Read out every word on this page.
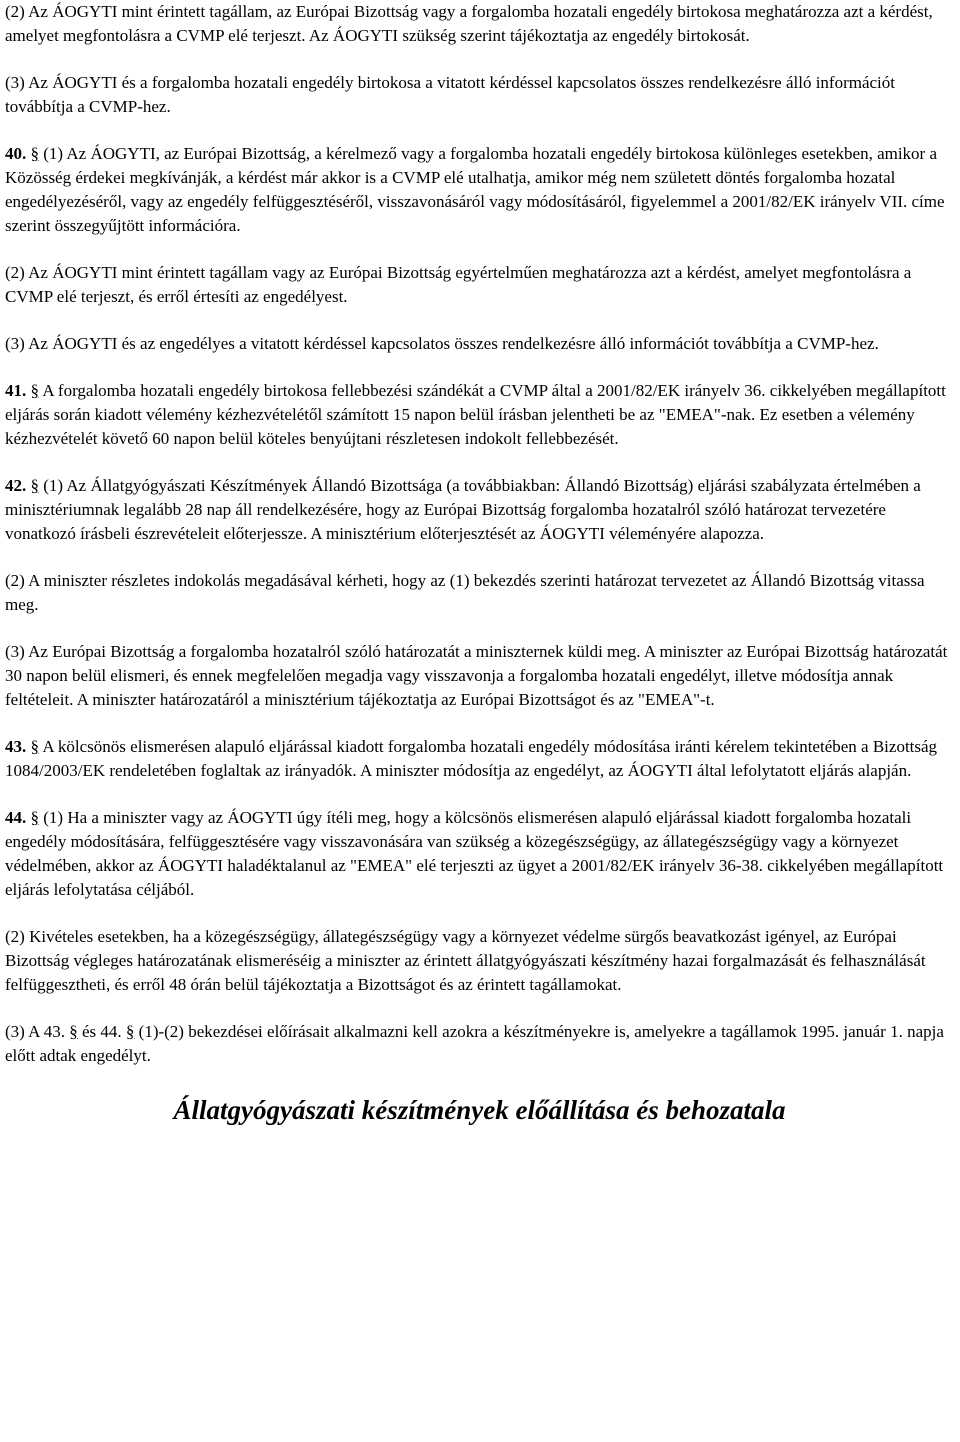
(2) Az ÁOGYTI mint érintett tagállam, az Európai Bizottság vagy a forgalomba hozatali engedély birtokosa meghatározza azt a kérdést, amelyet megfontolásra a CVMP elé terjeszt. Az ÁOGYTI szükség szerint tájékoztatja az engedély birtokosát.

(3) Az ÁOGYTI és a forgalomba hozatali engedély birtokosa a vitatott kérdéssel kapcsolatos összes rendelkezésre álló információt továbbítja a CVMP-hez.

40. § (1) Az ÁOGYTI, az Európai Bizottság, a kérelmező vagy a forgalomba hozatali engedély birtokosa különleges esetekben, amikor a Közösség érdekei megkívánják, a kérdést már akkor is a CVMP elé utalhatja, amikor még nem született döntés forgalomba hozatal engedélyezéséről, vagy az engedély felfüggesztéséről, visszavonásáról vagy módosításáról, figyelemmel a 2001/82/EK irányelv VII. címe szerint összegyűjtött információra.

(2) Az ÁOGYTI mint érintett tagállam vagy az Európai Bizottság egyértelműen meghatározza azt a kérdést, amelyet megfontolásra a CVMP elé terjeszt, és erről értesíti az engedélyest.

(3) Az ÁOGYTI és az engedélyes a vitatott kérdéssel kapcsolatos összes rendelkezésre álló információt továbbítja a CVMP-hez.

41. § A forgalomba hozatali engedély birtokosa fellebbezési szándékát a CVMP által a 2001/82/EK irányelv 36. cikkelyében megállapított eljárás során kiadott vélemény kézhezvételétől számított 15 napon belül írásban jelentheti be az "EMEA"-nak. Ez esetben a vélemény kézhezvételét követő 60 napon belül köteles benyújtani részletesen indokolt fellebbezését.

42. § (1) Az Állatgyógyászati Készítmények Állandó Bizottsága (a továbbiakban: Állandó Bizottság) eljárási szabályzata értelmében a minisztériumnak legalább 28 nap áll rendelkezésére, hogy az Európai Bizottság forgalomba hozatalról szóló határozat tervezetére vonatkozó írásbeli észrevételeit előterjessze. A minisztérium előterjesztését az ÁOGYTI véleményére alapozza.

(2) A miniszter részletes indokolás megadásával kérheti, hogy az (1) bekezdés szerinti határozat tervezetet az Állandó Bizottság vitassa meg.

(3) Az Európai Bizottság a forgalomba hozatalról szóló határozatát a miniszternek küldi meg. A miniszter az Európai Bizottság határozatát 30 napon belül elismeri, és ennek megfelelően megadja vagy visszavonja a forgalomba hozatali engedélyt, illetve módosítja annak feltételeit. A miniszter határozatáról a minisztérium tájékoztatja az Európai Bizottságot és az "EMEA"-t.

43. § A kölcsönös elismerésen alapuló eljárással kiadott forgalomba hozatali engedély módosítása iránti kérelem tekintetében a Bizottság 1084/2003/EK rendeletében foglaltak az irányadók. A miniszter módosítja az engedélyt, az ÁOGYTI által lefolytatott eljárás alapján.

44. § (1) Ha a miniszter vagy az ÁOGYTI úgy ítéli meg, hogy a kölcsönös elismerésen alapuló eljárással kiadott forgalomba hozatali engedély módosítására, felfüggesztésére vagy visszavonására van szükség a közegészségügy, az állategészségügy vagy a környezet védelmében, akkor az ÁOGYTI haladéktalanul az "EMEA" elé terjeszti az ügyet a 2001/82/EK irányelv 36-38. cikkelyében megállapított eljárás lefolytatása céljából.

(2) Kivételes esetekben, ha a közegészségügy, állategészségügy vagy a környezet védelme sürgős beavatkozást igényel, az Európai Bizottság végleges határozatának elismeréséig a miniszter az érintett állatgyógyászati készítmény hazai forgalmazását és felhasználását felfüggesztheti, és erről 48 órán belül tájékoztatja a Bizottságot és az érintett tagállamokat.

(3) A 43. § és 44. § (1)-(2) bekezdései előírásait alkalmazni kell azokra a készítményekre is, amelyekre a tagállamok 1995. január 1. napja előtt adtak engedélyt.

Állatgyógyászati készítmények előállítása és behozatala
